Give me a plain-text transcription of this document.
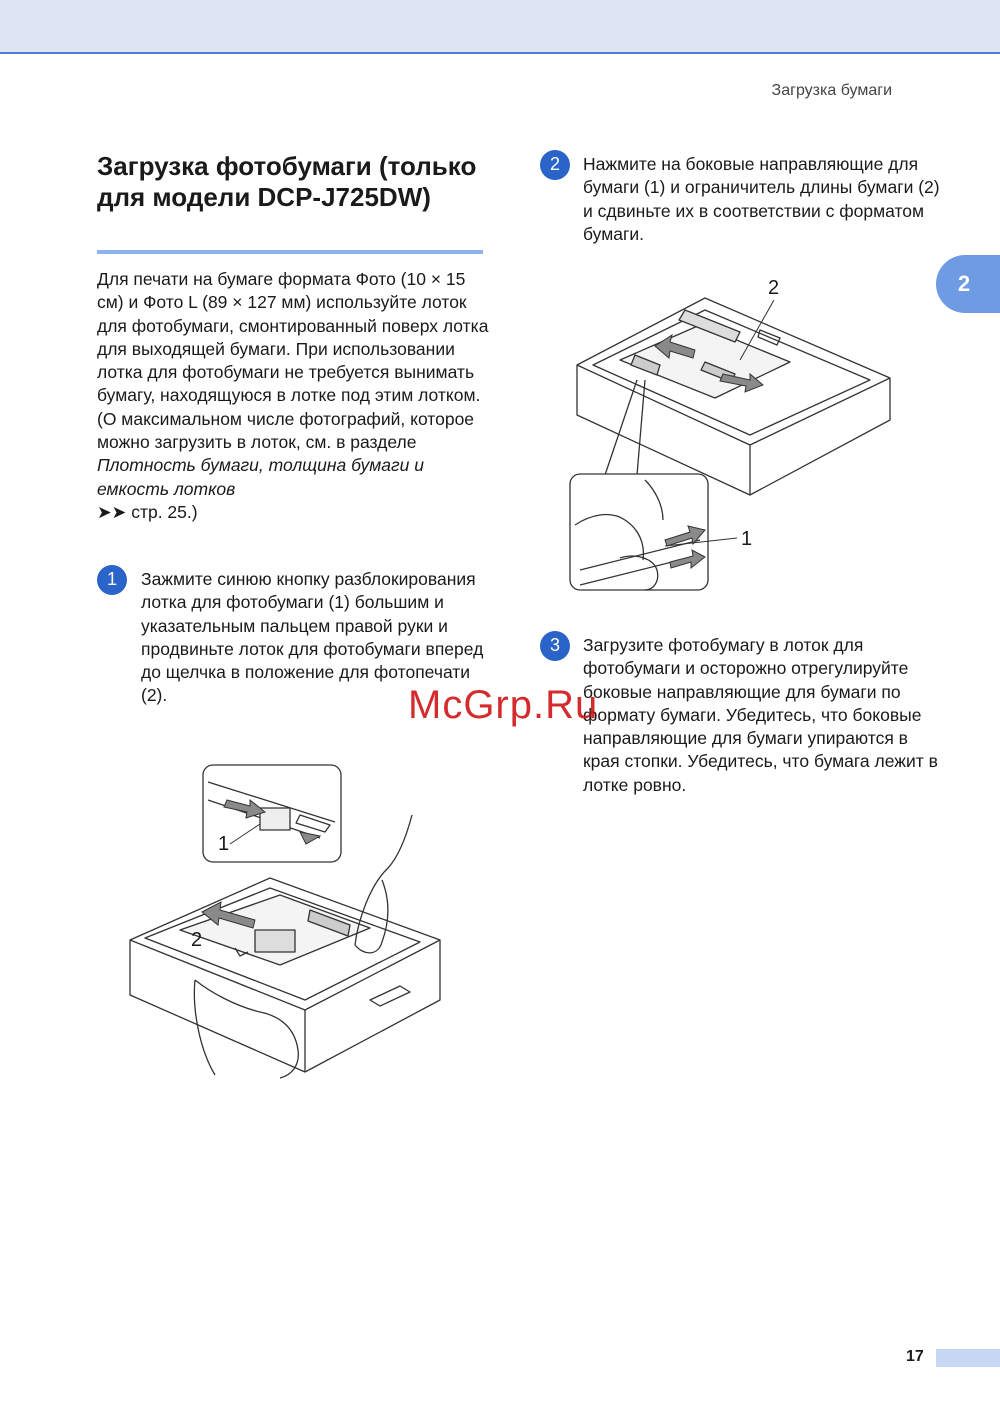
Загрузка бумаги
2
Загрузка фотобумаги (только для модели DCP-J725DW)

Для печати на бумаге формата Фото (10 × 15 см) и Фото L (89 × 127 мм) используйте лоток для фотобумаги, смонтированный поверх лотка для выходящей бумаги. При использовании лотка для фотобумаги не требуется вынимать бумагу, находящуюся в лотке под этим лотком. (О максимальном числе фотографий, которое можно загрузить в лоток, см. в разделе Плотность бумаги, толщина бумаги и емкость лотков
➤➤ стр. 25.)

1	Зажмите синюю кнопку разблокирования лотка для фотобумаги (1) большим и указательным пальцем правой руки и продвиньте лоток для фотобумаги вперед до щелчка в положение для фотопечати (2).

2	Нажмите на боковые направляющие для бумаги (1) и ограничитель длины бумаги (2) и сдвиньте их в соответствии с форматом бумаги.

3	Загрузите фотобумагу в лоток для фотобумаги и осторожно отрегулируйте боковые направляющие для бумаги по формату бумаги. Убедитесь, что боковые направляющие для бумаги упираются в края стопки. Убедитесь, что бумага лежит в лотке ровно.

1
2
2
1
McGrp.Ru
17
